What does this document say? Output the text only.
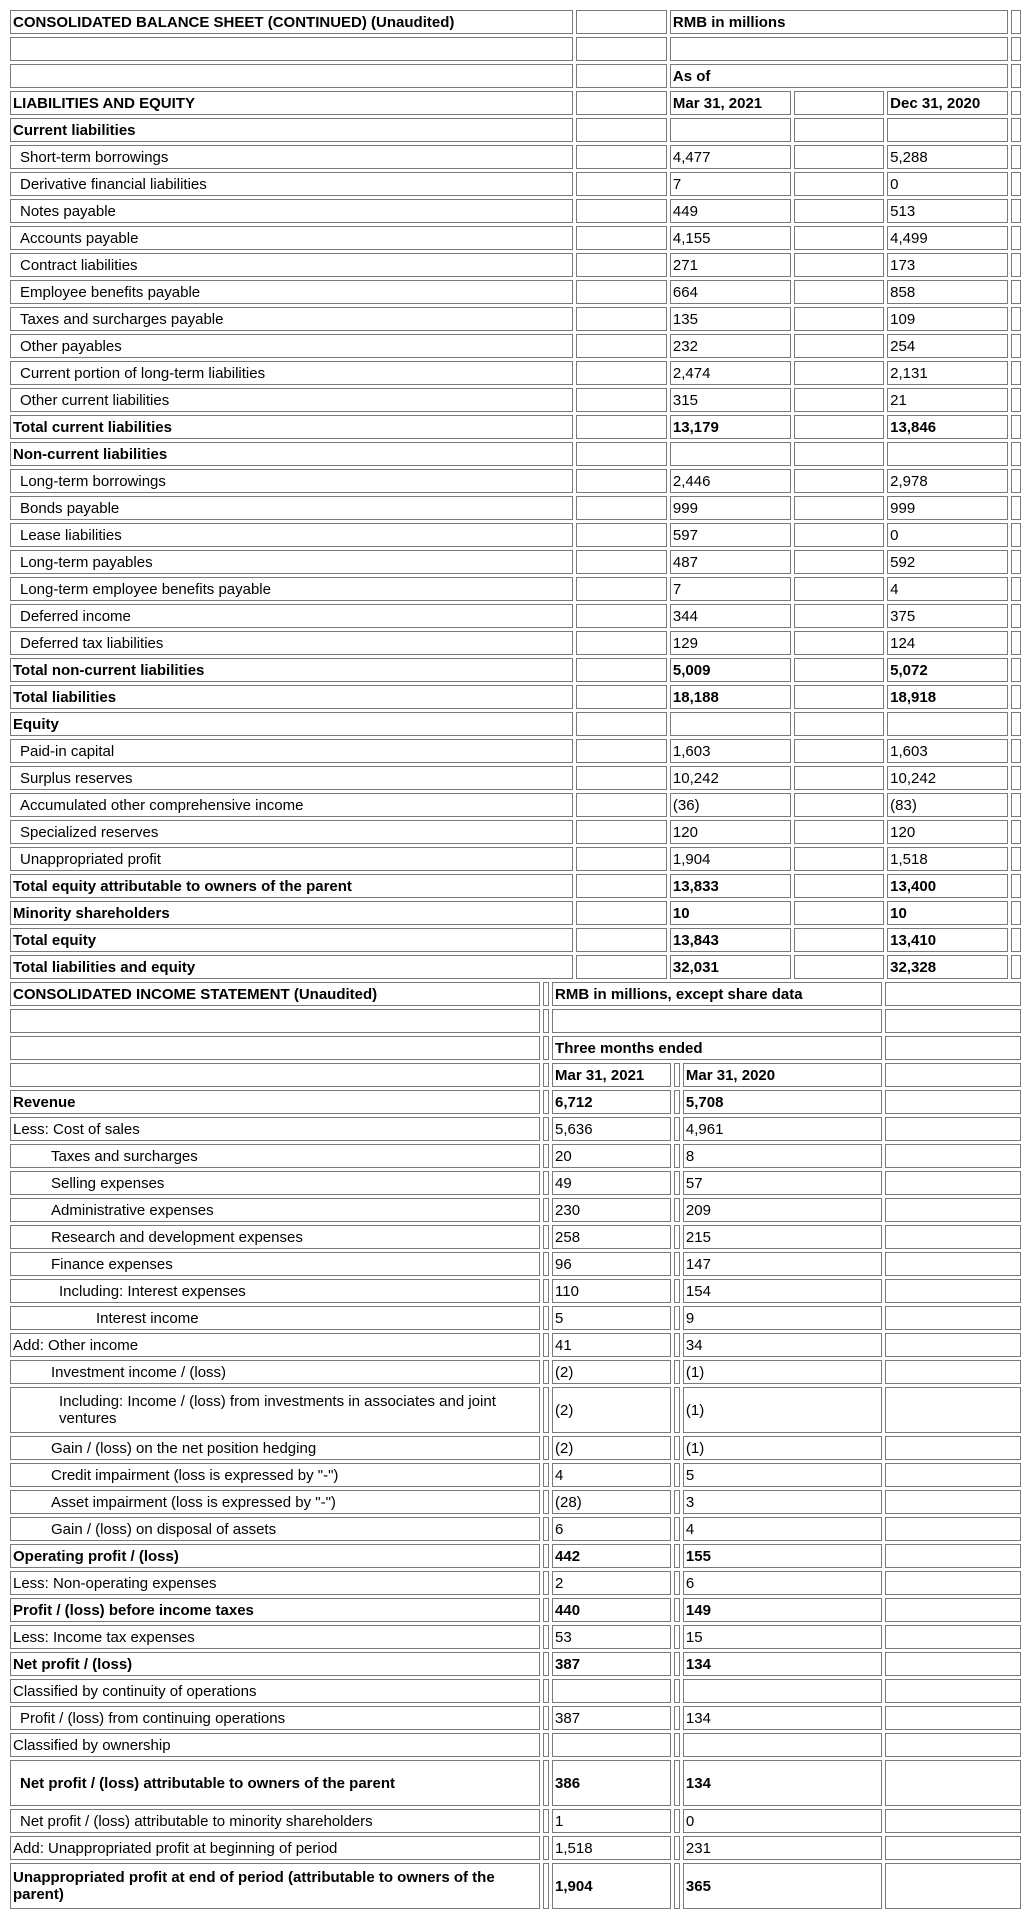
CONSOLIDATED BALANCE SHEET (CONTINUED) (Unaudited)		RMB in millions			

		As of			
LIABILITIES AND EQUITY		Mar 31, 2021		Dec 31, 2020	
Current liabilities					
Short-term borrowings		4,477		5,288	
Derivative financial liabilities		7		0	
Notes payable		449		513	
Accounts payable		4,155		4,499	
Contract liabilities		271		173	
Employee benefits payable		664		858	
Taxes and surcharges payable		135		109	
Other payables		232		254	
Current portion of long-term liabilities		2,474		2,131	
Other current liabilities		315		21	
Total current liabilities		13,179		13,846	
Non-current liabilities					
Long-term borrowings		2,446		2,978	
Bonds payable		999		999	
Lease liabilities		597		0	
Long-term payables		487		592	
Long-term employee benefits payable		7		4	
Deferred income		344		375	
Deferred tax liabilities		129		124	
Total non-current liabilities		5,009		5,072	
Total liabilities		18,188		18,918	
Equity					
Paid-in capital		1,603		1,603	
Surplus reserves		10,242		10,242	
Accumulated other comprehensive income		(36)		(83)	
Specialized reserves		120		120	
Unappropriated profit		1,904		1,518	
Total equity attributable to owners of the parent		13,833		13,400	
Minority shareholders		10		10	
Total equity		13,843		13,410	
Total liabilities and equity		32,031		32,328	
CONSOLIDATED INCOME STATEMENT (Unaudited)		RMB in millions, except share data			

		Three months ended			
		Mar 31, 2021		Mar 31, 2020	
Revenue		6,712		5,708	
Less: Cost of sales		5,636		4,961	
Taxes and surcharges		20		8	
Selling expenses		49		57	
Administrative expenses		230		209	
Research and development expenses		258		215	
Finance expenses		96		147	
Including: Interest expenses		110		154	
Interest income		5		9	
Add: Other income		41		34	
Investment income / (loss)		(2)		(1)	
Including: Income / (loss) from investments in associates and joint ventures		(2)		(1)	
Gain / (loss) on the net position hedging		(2)		(1)	
Credit impairment (loss is expressed by "-")		4		5	
Asset impairment (loss is expressed by "-")		(28)		3	
Gain / (loss) on disposal of assets		6		4	
Operating profit / (loss)		442		155	
Less: Non-operating expenses		2		6	
Profit / (loss) before income taxes		440		149	
Less: Income tax expenses		53		15	
Net profit / (loss)		387		134	
Classified by continuity of operations					
Profit / (loss) from continuing operations		387		134	
Classified by ownership					
Net profit / (loss) attributable to owners of the parent		386		134	
Net profit / (loss) attributable to minority shareholders		1		0	
Add: Unappropriated profit at beginning of period		1,518		231	
Unappropriated profit at end of period (attributable to owners of the parent)		1,904		365	
